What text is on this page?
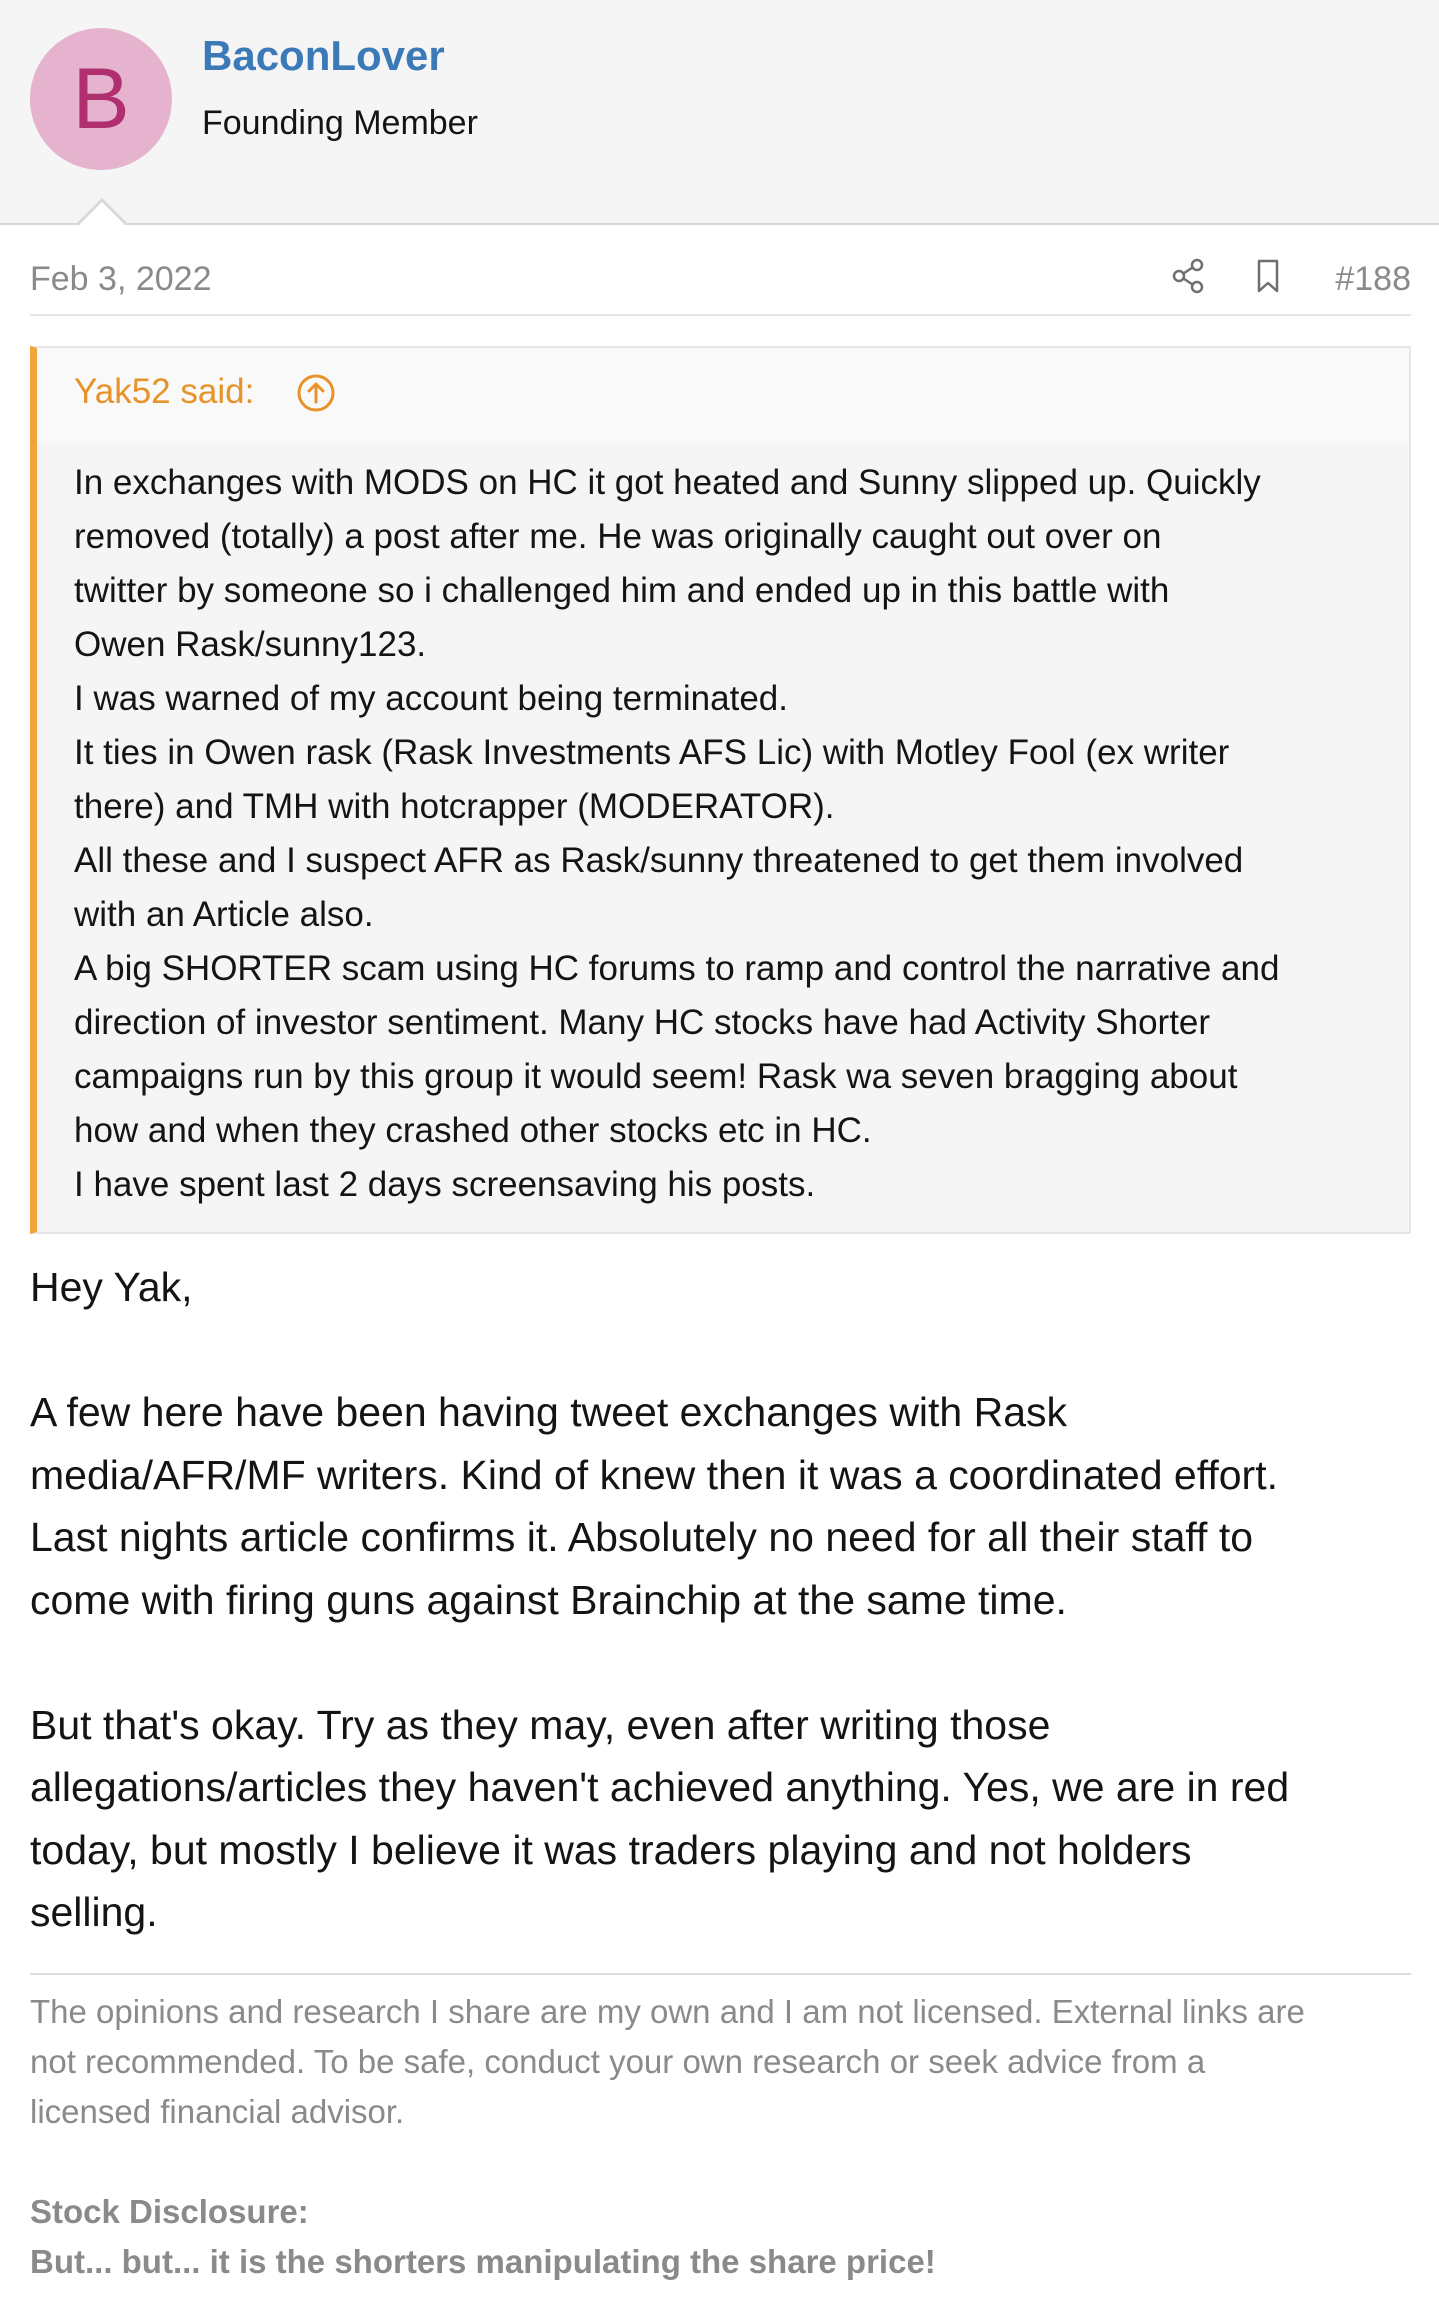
B	BaconLover
Founding Member
Feb 3, 2022	#188
Yak52 said:
In exchanges with MODS on HC it got heated and Sunny slipped up. Quickly
removed (totally) a post after me. He was originally caught out over on
twitter by someone so i challenged him and ended up in this battle with
Owen Rask/sunny123.
I was warned of my account being terminated.
It ties in Owen rask (Rask Investments AFS Lic) with Motley Fool (ex writer
there) and TMH with hotcrapper (MODERATOR).
All these and I suspect AFR as Rask/sunny threatened to get them involved
with an Article also.
A big SHORTER scam using HC forums to ramp and control the narrative and
direction of investor sentiment. Many HC stocks have had Activity Shorter
campaigns run by this group it would seem! Rask wa seven bragging about
how and when they crashed other stocks etc in HC.
I have spent last 2 days screensaving his posts.
Hey Yak,
A few here have been having tweet exchanges with Rask
media/AFR/MF writers. Kind of knew then it was a coordinated effort.
Last nights article confirms it. Absolutely no need for all their staff to
come with firing guns against Brainchip at the same time.
But that's okay. Try as they may, even after writing those
allegations/articles they haven't achieved anything. Yes, we are in red
today, but mostly I believe it was traders playing and not holders
selling.
The opinions and research I share are my own and I am not licensed. External links are
not recommended. To be safe, conduct your own research or seek advice from a
licensed financial advisor.
Stock Disclosure:
But... but... it is the shorters manipulating the share price!
